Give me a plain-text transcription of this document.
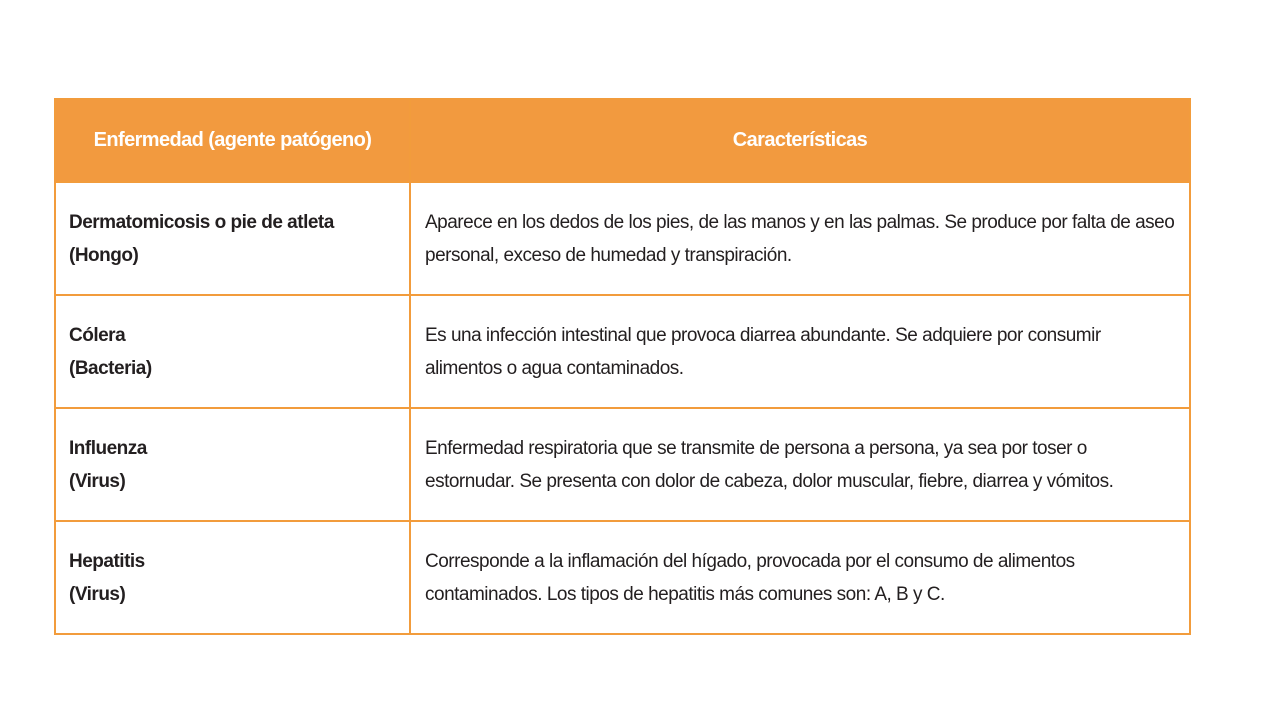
Enfermedad (agente patógeno)	Características

Dermatomicosis o pie de atleta
(Hongo)	Aparece en los dedos de los pies, de las manos y en las palmas. Se produce por falta de aseo personal, exceso de humedad y transpiración.

Cólera
(Bacteria)	Es una infección intestinal que provoca diarrea abundante. Se adquiere por consumir alimentos o agua contaminados.

Influenza
(Virus)	Enfermedad respiratoria que se transmite de persona a persona, ya sea por toser o estornudar. Se presenta con dolor de cabeza, dolor muscular, fiebre, diarrea y vómitos.

Hepatitis
(Virus)	Corresponde a la inflamación del hígado, provocada por el consumo de alimentos contaminados. Los tipos de hepatitis más comunes son: A, B y C.
